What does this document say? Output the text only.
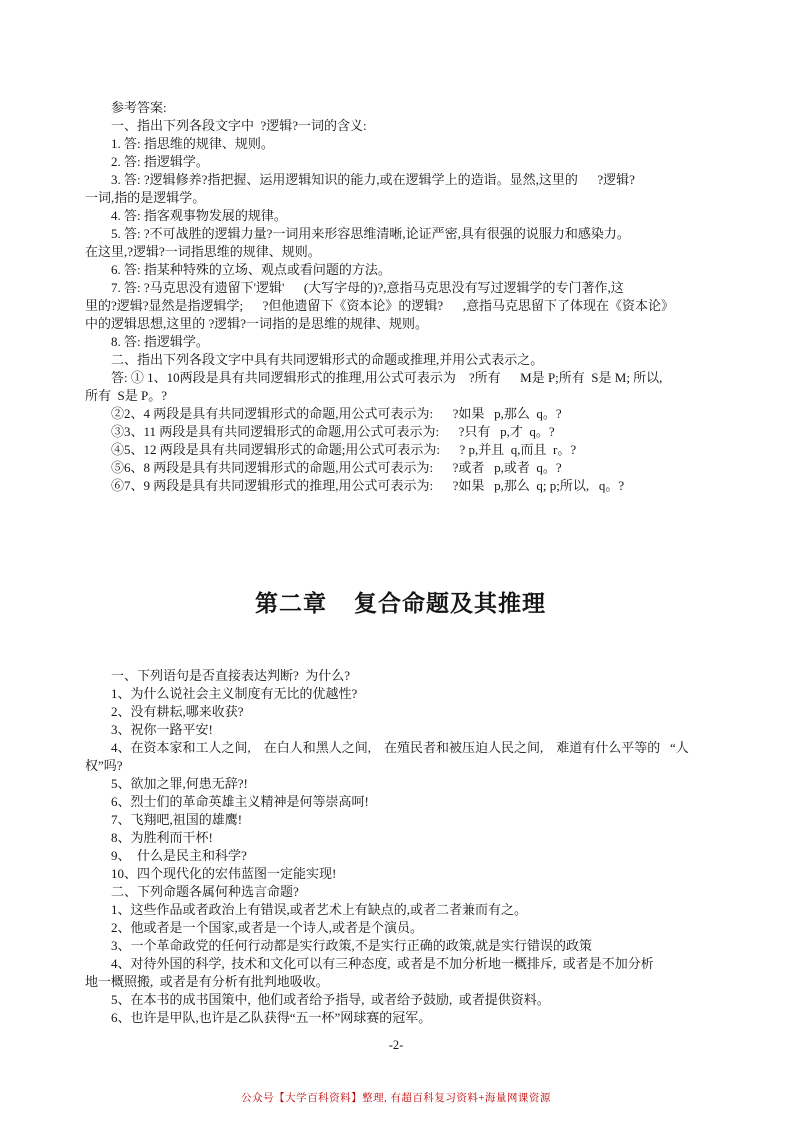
参考答案:
一、指出下列各段文字中  ?逻辑?一词的含义:
1. 答: 指思维的规律、规则。
2. 答: 指逻辑学。
3. 答: ?逻辑修养?指把握、运用逻辑知识的能力,或在逻辑学上的造诣。显然,这里的      ?逻辑?
一词,指的是逻辑学。
4. 答: 指客观事物发展的规律。
5. 答: ?不可战胜的逻辑力量?一词用来形容思维清晰,论证严密,具有很强的说服力和感染力。
在这里,?逻辑?一词指思维的规律、规则。
6. 答: 指某种特殊的立场、观点或看问题的方法。
7. 答: ?马克思没有遗留下'逻辑'      (大写字母的)?,意指马克思没有写过逻辑学的专门著作,这
里的?逻辑?显然是指逻辑学;      ?但他遗留下《资本论》的逻辑?      ,意指马克思留下了体现在《资本论》
中的逻辑思想,这里的 ?逻辑?一词指的是思维的规律、规则。
8. 答: 指逻辑学。
二、指出下列各段文字中具有共同逻辑形式的命题或推理,并用公式表示之。
答: ① 1、10两段是具有共同逻辑形式的推理,用公式可表示为    ?所有      M是 P;所有  S是 M; 所以,
所有  S是 P。?
②2、4 两段是具有共同逻辑形式的命题,用公式可表示为:      ?如果   p,那么  q。?
③3、11 两段是具有共同逻辑形式的命题,用公式可表示为:      ?只有   p,才  q。?
④5、12 两段是具有共同逻辑形式的命题;用公式可表示为:      ? p,并且  q,而且  r。?
⑤6、8 两段是具有共同逻辑形式的命题,用公式可表示为:      ?或者   p,或者  q。?
⑥7、9 两段是具有共同逻辑形式的推理,用公式可表示为:      ?如果   p,那么  q; p;所以,   q。?
第二章    复合命题及其推理
一、下列语句是否直接表达判断?  为什么?
1、为什么说社会主义制度有无比的优越性?
2、没有耕耘,哪来收获?
3、祝你一路平安!
4、在资本家和工人之间,    在白人和黑人之间,    在殖民者和被压迫人民之间,    难道有什么平等的   “人
权”吗?
5、欲加之罪,何患无辞?!
6、烈士们的革命英雄主义精神是何等崇高呵!
7、飞翔吧,祖国的雄鹰!
8、为胜利而干杯!
9、  什么是民主和科学?
10、四个现代化的宏伟蓝图一定能实现!
二、下列命题各属何种选言命题?
1、这些作品或者政治上有错误,或者艺术上有缺点的,或者二者兼而有之。
2、他或者是一个国家,或者是一个诗人,或者是个演员。
3、一个革命政党的任何行动都是实行政策,不是实行正确的政策,就是实行错误的政策
4、对待外国的科学,  技术和文化可以有三种态度,  或者是不加分析地一概排斥,  或者是不加分析
地一概照搬,  或者是有分析有批判地吸收。
5、在本书的成书国策中,  他们或者给予指导,  或者给予鼓励,  或者提供资料。
6、也许是甲队,也许是乙队获得“五一杯”网球赛的冠军。
-2-
公众号【大学百科资料】整理, 有超百科复习资料+海量网课资源
